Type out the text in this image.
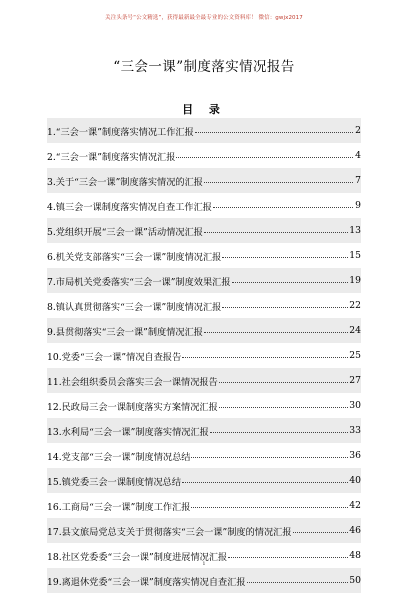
关注头条号“公文精选”，获得最新最全最专业的公文资料库！ 微信：gwjx2017
“三会一课”制度落实情况报告
目 录
1.“三会一课”制度落实情况工作汇报	2
2.“三会一课”制度落实情况汇报	4
3.关于“三会一课”制度落实情况的汇报	7
4.镇三会一课制度落实情况自查工作汇报	9
5.党组织开展“三会一课”活动情况汇报	13
6.机关党支部落实“三会一课”制度情况汇报	15
7.市局机关党委落实“三会一课”制度效果汇报	19
8.镇认真贯彻落实“三会一课”制度情况汇报	22
9.县贯彻落实“三会一课”制度情况汇报	24
10.党委“三会一课”情况自查报告	25
11.社会组织委员会落实三会一课情况报告	27
12.民政局三会一课制度落实方案情况汇报	30
13.水利局“三会一课”制度落实情况汇报	33
14.党支部“三会一课”制度情况总结	36
15.镇党委三会一课制度情况总结	40
16.工商局“三会一课”制度工作汇报	42
17.县文旅局党总支关于贯彻落实“三会一课”制度的情况汇报	46
18.社区党委委“三会一课”制度进展情况汇报	48
19.离退休党委“三会一课”制度落实情况自查汇报	50
1
